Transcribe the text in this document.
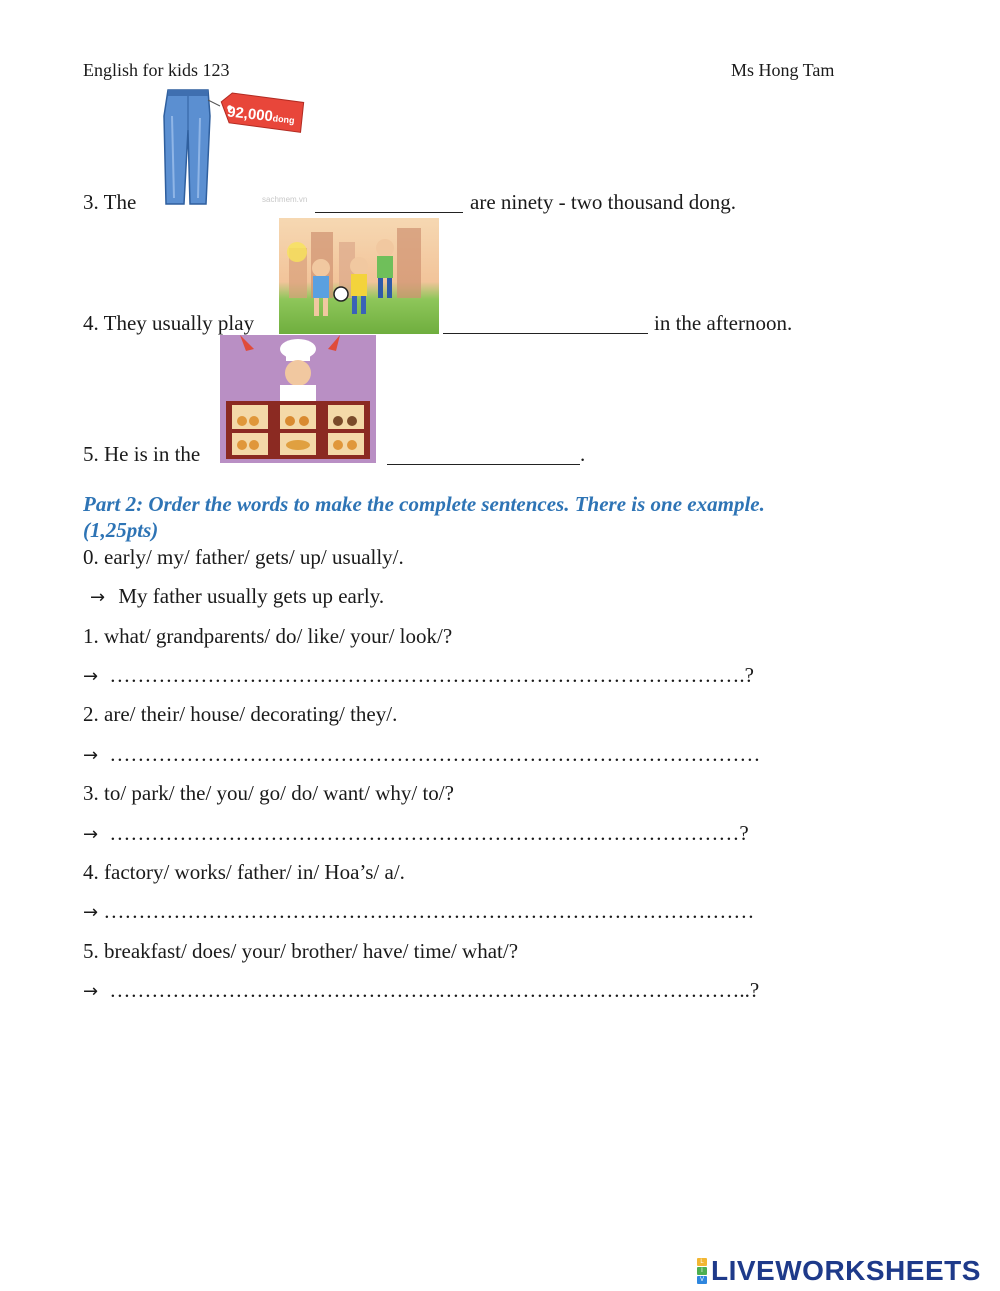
English for kids 123	Ms Hong Tam
92,000dong
sachmem.vn
3. The	are ninety - two thousand dong.
4. They usually play	in the afternoon.
5. He is in the	.
Part 2: Order the words to make the complete sentences. There is one example.
(1,25pts)
0. early/ my/ father/ gets/ up/ usually/.
→ My father usually gets up early.
1. what/ grandparents/ do/ like/ your/ look/?
→ ……………………………………………………………………………….?
2. are/ their/ house/ decorating/ they/.
→ …………………………………………………………………………………
3. to/ park/ the/ you/ go/ do/ want/ why/ to/?
→ ………………………………………………………………………………?
4. factory/ works/ father/ in/ Hoa’s/ a/.
→ …………………………………………………………………………………
5. breakfast/ does/ your/ brother/ have/ time/ what/?
→ ………………………………………………………………………………..?
L
I
V LIVEWORKSHEETS
